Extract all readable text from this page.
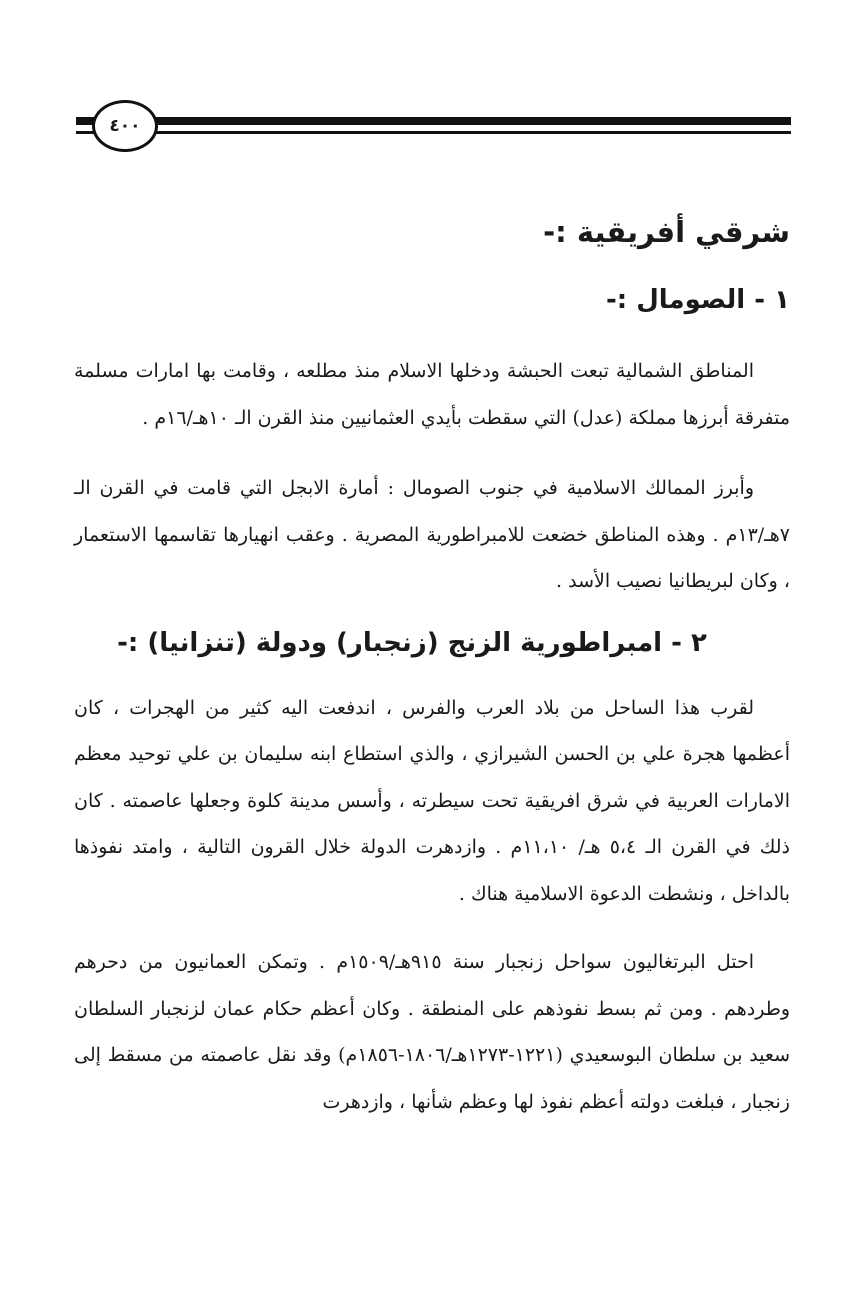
٤٠٠
شرقي أفريقية :-
١ - الصومال :-

المناطق الشمالية تبعت الحبشة ودخلها الاسلام منذ مطلعه ، وقامت بها امارات مسلمة متفرقة أبرزها مملكة (عدل) التي سقطت بأيدي العثمانيين منذ القرن الـ ١٠هـ/١٦م .

وأبرز الممالك الاسلامية في جنوب الصومال : أمارة الابجل التي قامت في القرن الـ ٧هـ/١٣م . وهذه المناطق خضعت للامبراطورية المصرية . وعقب انهيارها تقاسمها الاستعمار ، وكان لبريطانيا نصيب الأسد .

٢ - امبراطورية الزنج (زنجبار) ودولة (تنزانيا) :-

لقرب هذا الساحل من بلاد العرب والفرس ، اندفعت اليه كثير من الهجرات ، كان أعظمها هجرة علي بن الحسن الشيرازي ، والذي استطاع ابنه سليمان بن علي توحيد معظم الامارات العربية في شرق افريقية تحت سيطرته ، وأسس مدينة كلوة وجعلها عاصمته . كان ذلك في القرن الـ ٥،٤ هـ/ ١١،١٠م . وازدهرت الدولة خلال القرون التالية ، وامتد نفوذها بالداخل ، ونشطت الدعوة الاسلامية هناك .

احتل البرتغاليون سواحل زنجبار سنة ٩١٥هـ/١٥٠٩م . وتمكن العمانيون من دحرهم وطردهم . ومن ثم بسط نفوذهم على المنطقة . وكان أعظم حكام عمان لزنجبار السلطان سعيد بن سلطان البوسعيدي (١٢٢١-١٢٧٣هـ/١٨٠٦-١٨٥٦م) وقد نقل عاصمته من مسقط إلى زنجبار ، فبلغت دولته أعظم نفوذ لها وعظم شأنها ، وازدهرت
